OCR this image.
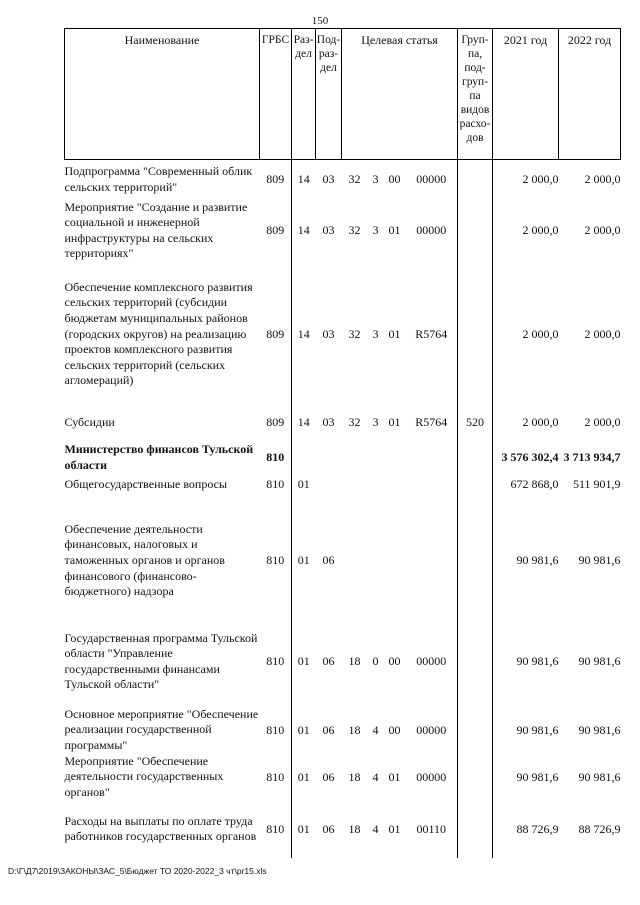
150
Наименование	ГРБС	Раз-дел	Под-раз-дел	Целевая статья				Груп-па, под-груп-па видов расхо-дов	2021 год	2022 год
Подпрограмма "Современный облик сельских территорий"	809	14	03	32	3	00	00000		2 000,0	2 000,0
Мероприятие "Создание и развитие социальной и инженерной инфраструктуры на сельских территориях"	809	14	03	32	3	01	00000		2 000,0	2 000,0
Обеспечение комплексного развития сельских территорий (субсидии бюджетам муниципальных районов (городских округов) на реализацию проектов комплексного развития сельских территорий (сельских агломераций)	809	14	03	32	3	01	R5764		2 000,0	2 000,0
Субсидии	809	14	03	32	3	01	R5764	520	2 000,0	2 000,0
Министерство финансов Тульской области	810								3 576 302,4	3 713 934,7
Общегосударственные вопросы	810	01							672 868,0	511 901,9
Обеспечение деятельности финансовых, налоговых и таможенных органов и органов финансового (финансово-бюджетного) надзора	810	01	06						90 981,6	90 981,6
Государственная программа Тульской области "Управление государственными финансами Тульской области"	810	01	06	18	0	00	00000		90 981,6	90 981,6
Основное мероприятие "Обеспечение реализации государственной программы"	810	01	06	18	4	00	00000		90 981,6	90 981,6
Мероприятие "Обеспечение деятельности государственных органов"	810	01	06	18	4	01	00000		90 981,6	90 981,6
Расходы на выплаты по оплате труда работников государственных органов	810	01	06	18	4	01	00110		88 726,9	88 726,9
D:\Г\Д7\2019\ЗАКОНЫ\ЗАС_5\Бюджет ТО 2020-2022_3 чт\pr15.xls
